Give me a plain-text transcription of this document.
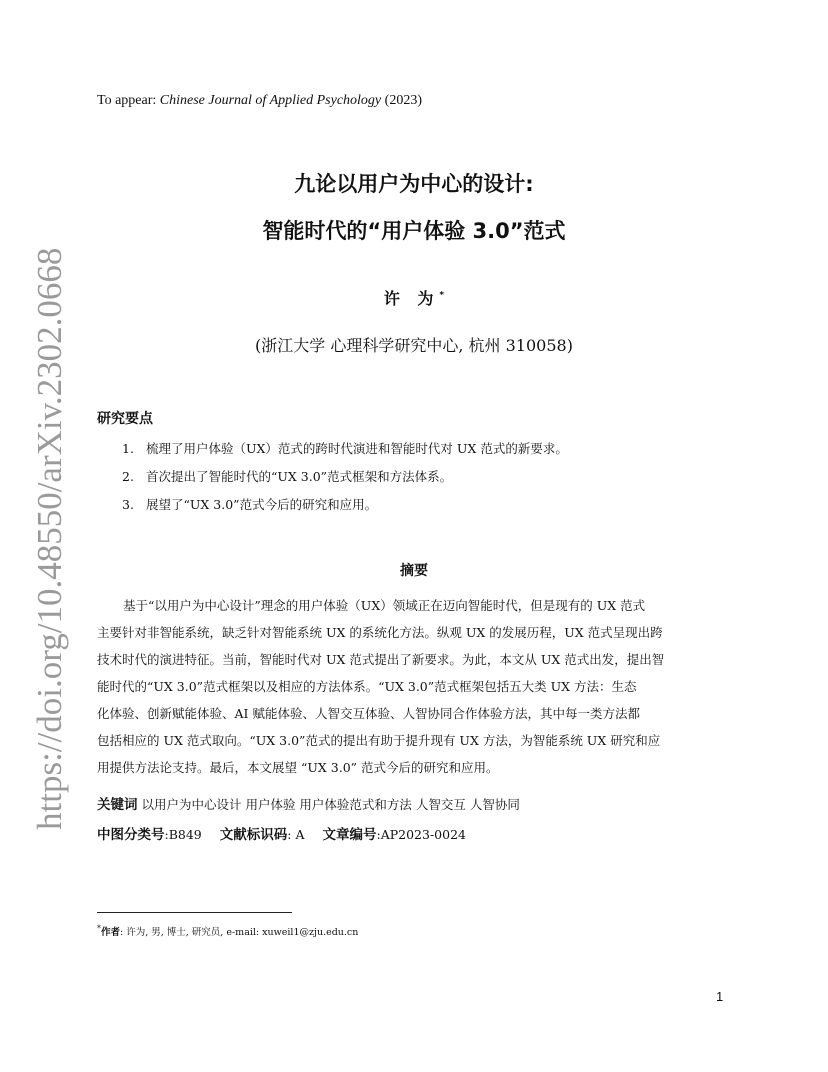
https://doi.org/10.48550/arXiv.2302.0668
To appear: Chinese Journal of Applied Psychology (2023)
九论以用户为中心的设计:
智能时代的“用户体验 3.0”范式
许 为*
(浙江大学 心理科学研究中心, 杭州 310058)
研究要点
1. 梳理了用户体验（UX）范式的跨时代演进和智能时代对 UX 范式的新要求。
2. 首次提出了智能时代的“UX 3.0”范式框架和方法体系。
3. 展望了“UX 3.0”范式今后的研究和应用。
摘要
基于“以用户为中心设计”理念的用户体验（UX）领域正在迈向智能时代，但是现有的 UX 范式
主要针对非智能系统，缺乏针对智能系统 UX 的系统化方法。纵观 UX 的发展历程，UX 范式呈现出跨
技术时代的演进特征。当前，智能时代对 UX 范式提出了新要求。为此，本文从 UX 范式出发，提出智
能时代的“UX 3.0”范式框架以及相应的方法体系。“UX 3.0”范式框架包括五大类 UX 方法：生态
化体验、创新赋能体验、AI 赋能体验、人智交互体验、人智协同合作体验方法，其中每一类方法都
包括相应的 UX 范式取向。“UX 3.0”范式的提出有助于提升现有 UX 方法，为智能系统 UX 研究和应
用提供方法论支持。最后，本文展望 “UX 3.0” 范式今后的研究和应用。
关键词 以用户为中心设计 用户体验 用户体验范式和方法 人智交互 人智协同
中图分类号:B849 文献标识码: A 文章编号:AP2023-0024
*作者: 许为, 男, 博士, 研究员, e-mail: xuweil1@zju.edu.cn
1
